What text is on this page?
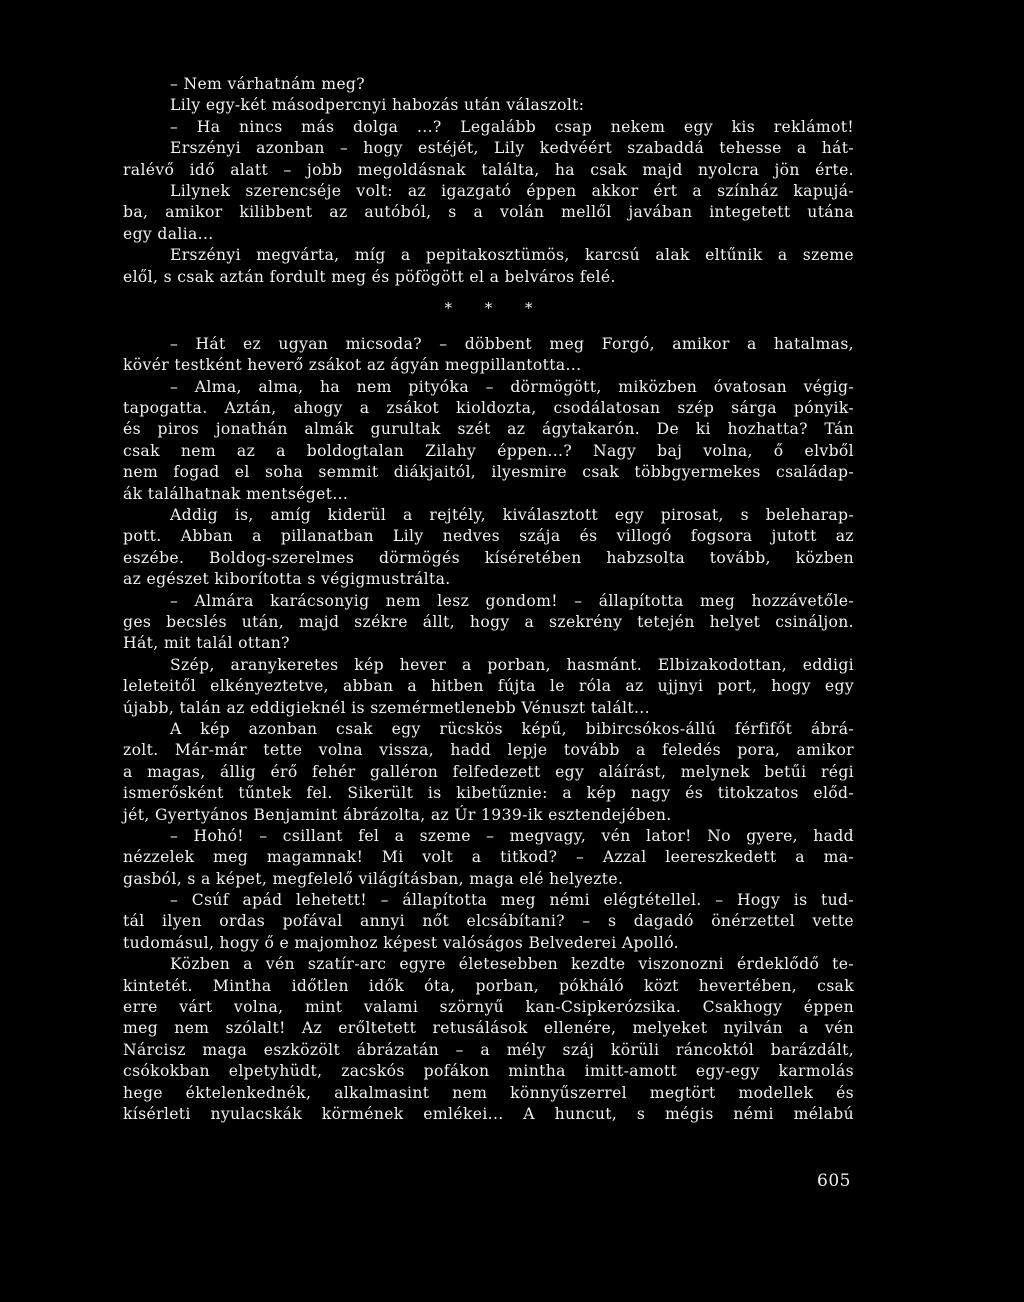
– Nem várhatnám meg?
Lily egy-két másodpercnyi habozás után válaszolt:
– Ha nincs más dolga ...? Legalább csap nekem egy kis reklámot!
Erszényi azonban – hogy estéjét, Lily kedvéért szabaddá tehesse a hát-
ralévő idő alatt – jobb megoldásnak találta, ha csak majd nyolcra jön érte.
Lilynek szerencséje volt: az igazgató éppen akkor ért a színház kapujá-
ba, amikor kilibbent az autóból, s a volán mellől javában integetett utána
egy dalia...
Erszényi megvárta, míg a pepitakosztümös, karcsú alak eltűnik a szeme
elől, s csak aztán fordult meg és pöfögött el a belváros felé.
* * *
– Hát ez ugyan micsoda? – döbbent meg Forgó, amikor a hatalmas,
kövér testként heverő zsákot az ágyán megpillantotta...
– Alma, alma, ha nem pityóka – dörmögött, miközben óvatosan végig-
tapogatta. Aztán, ahogy a zsákot kioldozta, csodálatosan szép sárga pónyik-
és piros jonathán almák gurultak szét az ágytakarón. De ki hozhatta? Tán
csak nem az a boldogtalan Zilahy éppen...? Nagy baj volna, ő elvből
nem fogad el soha semmit diákjaitól, ilyesmire csak többgyermekes családap-
ák találhatnak mentséget...
Addig is, amíg kiderül a rejtély, kiválasztott egy pirosat, s beleharap-
pott. Abban a pillanatban Lily nedves szája és villogó fogsora jutott az
eszébe. Boldog-szerelmes dörmögés kíséretében habzsolta tovább, közben
az egészet kiborította s végigmustrálta.
– Almára karácsonyig nem lesz gondom! – állapította meg hozzávetőle-
ges becslés után, majd székre állt, hogy a szekrény tetején helyet csináljon.
Hát, mit talál ottan?
Szép, aranykeretes kép hever a porban, hasmánt. Elbizakodottan, eddigi
leleteitől elkényeztetve, abban a hitben fújta le róla az ujjnyi port, hogy egy
újabb, talán az eddigieknél is szemérmetlenebb Vénuszt talált...
A kép azonban csak egy rücskös képű, bibircsókos-állú férfifőt ábrá-
zolt. Már-már tette volna vissza, hadd lepje tovább a feledés pora, amikor
a magas, állig érő fehér galléron felfedezett egy aláírást, melynek betűi régi
ismerősként tűntek fel. Sikerült is kibetűznie: a kép nagy és titokzatos előd-
jét, Gyertyános Benjamint ábrázolta, az Úr 1939-ik esztendejében.
– Hohó! – csillant fel a szeme – megvagy, vén lator! No gyere, hadd
nézzelek meg magamnak! Mi volt a titkod? – Azzal leereszkedett a ma-
gasból, s a képet, megfelelő világításban, maga elé helyezte.
– Csúf apád lehetett! – állapította meg némi elégtétellel. – Hogy is tud-
tál ilyen ordas pofával annyi nőt elcsábítani? – s dagadó önérzettel vette
tudomásul, hogy ő e majomhoz képest valóságos Belvederei Apolló.
Közben a vén szatír-arc egyre életesebben kezdte viszonozni érdeklődő te-
kintetét. Mintha időtlen idők óta, porban, pókháló közt hevertében, csak
erre várt volna, mint valami szörnyű kan-Csipkerózsika. Csakhogy éppen
meg nem szólalt! Az erőltetett retusálások ellenére, melyeket nyilván a vén
Nárcisz maga eszközölt ábrázatán – a mély száj körüli ráncoktól barázdált,
csókokban elpetyhüdt, zacskós pofákon mintha imitt-amott egy-egy karmolás
hege éktelenkednék, alkalmasint nem könnyűszerrel megtört modellek és
kísérleti nyulacskák körmének emlékei... A huncut, s mégis némi mélabú
605
